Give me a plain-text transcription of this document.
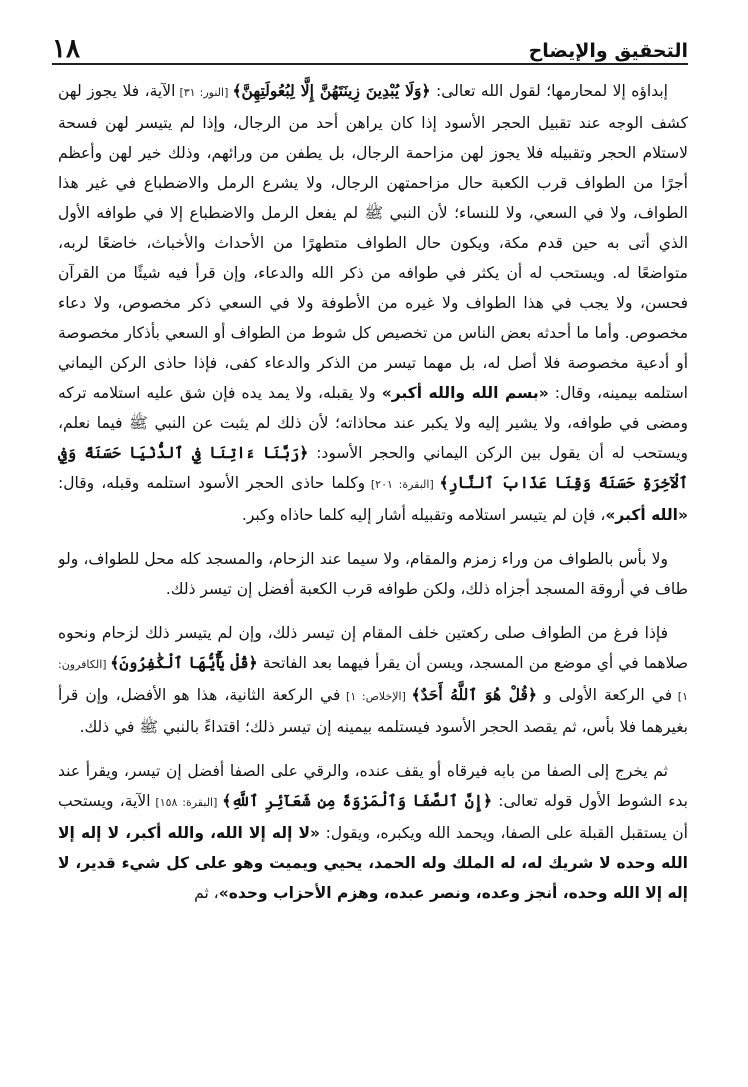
١٨	التحقيق والإيضاح

إبداؤه إلا لمحارمها؛ لقول الله تعالى: ﴿وَلَا يُبْدِينَ زِينَتَهُنَّ إِلَّا لِبُعُولَتِهِنَّ﴾ [النور: ٣١] الآية، فلا يجوز لهن كشف الوجه عند تقبيل الحجر الأسود إذا كان يراهن أحد من الرجال، وإذا لم يتيسر لهن فسحة لاستلام الحجر وتقبيله فلا يجوز لهن مزاحمة الرجال، بل يطفن من ورائهم، وذلك خير لهن وأعظم أجرًا من الطواف قرب الكعبة حال مزاحمتهن الرجال، ولا يشرع الرمل والاضطباع في غير هذا الطواف، ولا في السعي، ولا للنساء؛ لأن النبي ﷺ لم يفعل الرمل والاضطباع إلا في طوافه الأول الذي أتى به حين قدم مكة، ويكون حال الطواف متطهرًا من الأحداث والأخباث، خاضعًا لربه، متواضعًا له. ويستحب له أن يكثر في طوافه من ذكر الله والدعاء، وإن قرأ فيه شيئًا من القرآن فحسن، ولا يجب في هذا الطواف ولا غيره من الأطوفة ولا في السعي ذكر مخصوص، ولا دعاء مخصوص. وأما ما أحدثه بعض الناس من تخصيص كل شوط من الطواف أو السعي بأذكار مخصوصة أو أدعية مخصوصة فلا أصل له، بل مهما تيسر من الذكر والدعاء كفى، فإذا حاذى الركن اليماني استلمه بيمينه، وقال: «بسم الله والله أكبر» ولا يقبله، ولا يمد يده فإن شق عليه استلامه تركه ومضى في طوافه، ولا يشير إليه ولا يكبر عند محاذاته؛ لأن ذلك لم يثبت عن النبي ﷺ فيما نعلم، ويستحب له أن يقول بين الركن اليماني والحجر الأسود: ﴿رَبَّنَا ءَاتِنَا فِي ٱلدُّنْيَا حَسَنَةً وَفِي ٱلْآخِرَةِ حَسَنَةً وَقِنَا عَذَابَ ٱلنَّارِ﴾ [البقرة: ٢٠١] وكلما حاذى الحجر الأسود استلمه وقبله، وقال: «الله أكبر»، فإن لم يتيسر استلامه وتقبيله أشار إليه كلما حاذاه وكبر.

ولا بأس بالطواف من وراء زمزم والمقام، ولا سيما عند الزحام، والمسجد كله محل للطواف، ولو طاف في أروقة المسجد أجزاه ذلك، ولكن طوافه قرب الكعبة أفضل إن تيسر ذلك.

فإذا فرغ من الطواف صلى ركعتين خلف المقام إن تيسر ذلك، وإن لم يتيسر ذلك لزحام ونحوه صلاهما في أي موضع من المسجد، ويسن أن يقرأ فيهما بعد الفاتحة ﴿قُلْ يَٰٓأَيُّهَا ٱلْكَٰفِرُونَ﴾ [الكافرون: ١] في الركعة الأولى و ﴿قُلْ هُوَ ٱللَّهُ أَحَدٌ﴾ [الإخلاص: ١] في الركعة الثانية، هذا هو الأفضل، وإن قرأ بغيرهما فلا بأس، ثم يقصد الحجر الأسود فيستلمه بيمينه إن تيسر ذلك؛ اقتداءً بالنبي ﷺ في ذلك.

ثم يخرج إلى الصفا من بابه فيرقاه أو يقف عنده، والرقي على الصفا أفضل إن تيسر، ويقرأ عند بدء الشوط الأول قوله تعالى: ﴿إِنَّ ٱلصَّفَا وَٱلْمَرْوَةَ مِن شَعَآئِرِ ٱللَّهِ﴾ [البقرة: ١٥٨] الآية، ويستحب أن يستقبل القبلة على الصفا، ويحمد الله ويكبره، ويقول: «لا إله إلا الله، والله أكبر، لا إله إلا الله وحده لا شريك له، له الملك وله الحمد، يحيي ويميت وهو على كل شيء قدير، لا إله إلا الله وحده، أنجز وعده، ونصر عبده، وهزم الأحزاب وحده»، ثم
